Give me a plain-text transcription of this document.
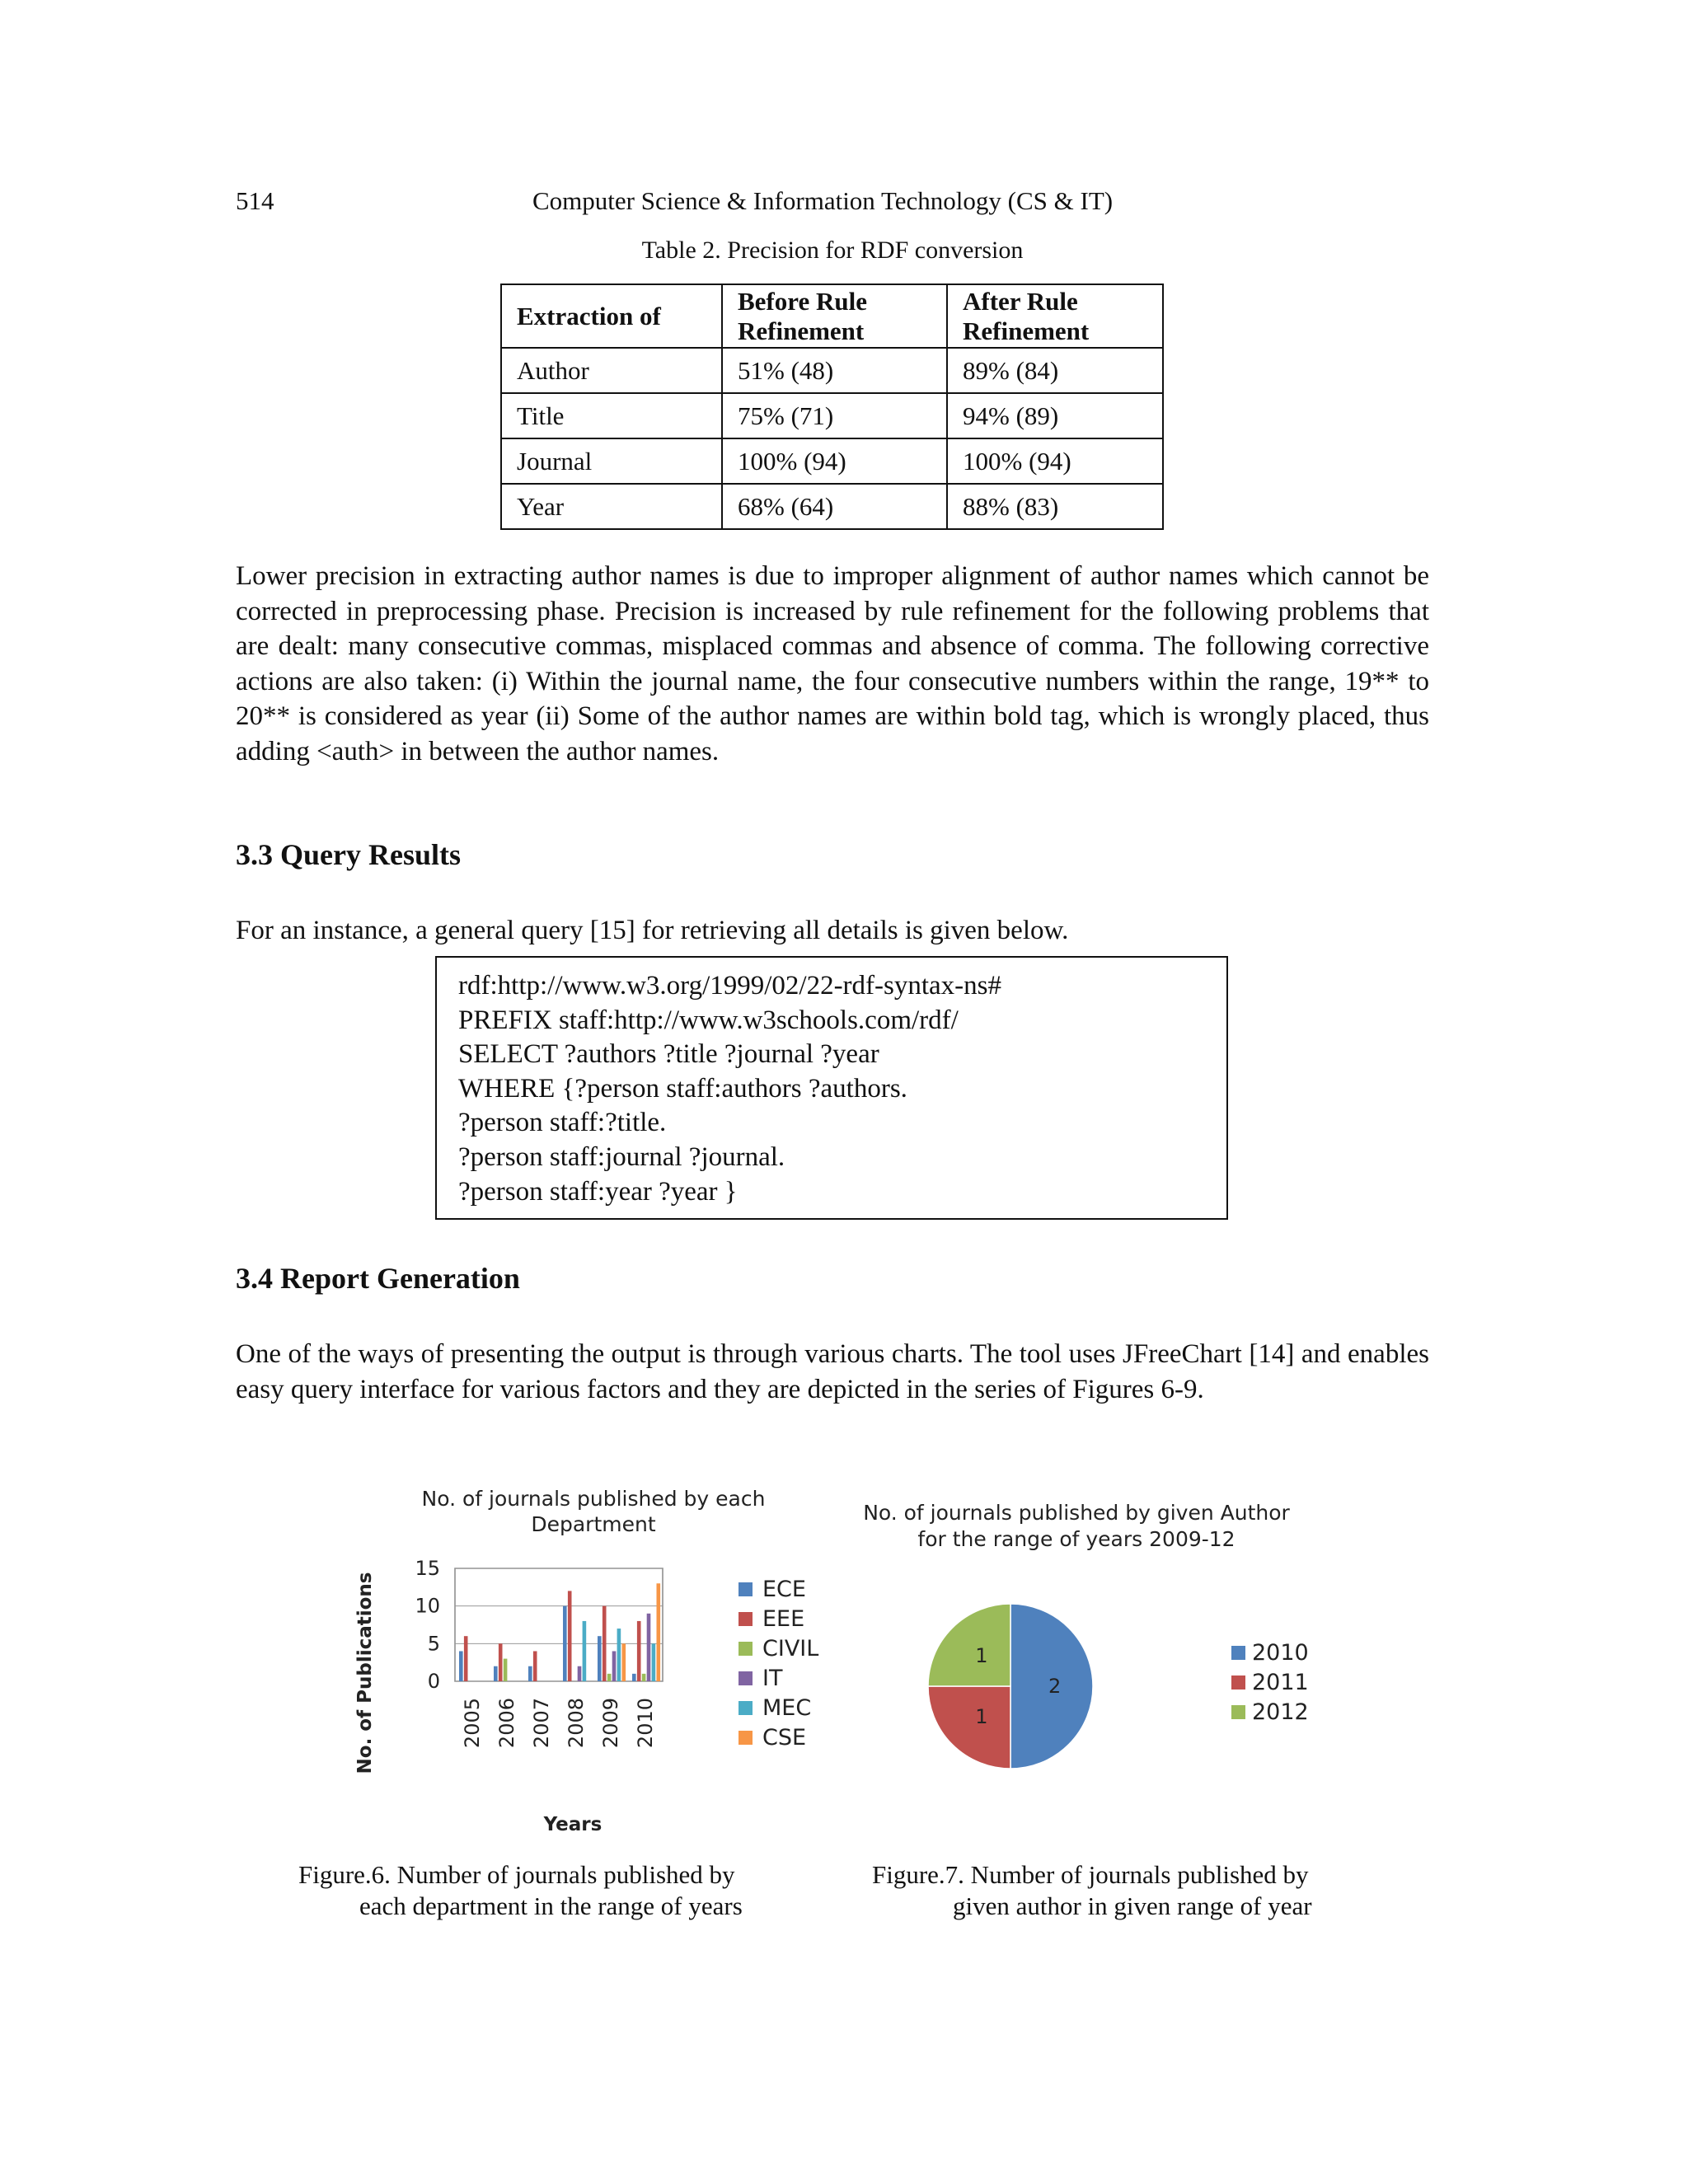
514	Computer Science & Information Technology (CS & IT)
Table 2. Precision for RDF conversion
Extraction of	Before Rule Refinement	After Rule Refinement
Author	51% (48)	89% (84)
Title	75% (71)	94% (89)
Journal	100% (94)	100% (94)
Year	68% (64)	88% (83)

Lower precision in extracting author names is due to improper alignment of author names which cannot be corrected in preprocessing phase. Precision is increased by rule refinement for the following problems that are dealt: many consecutive commas, misplaced commas and absence of comma. The following corrective actions are also taken: (i) Within the journal name, the four consecutive numbers within the range, 19** to 20** is considered as year (ii) Some of the author names are within bold tag, which is wrongly placed, thus adding <auth> in between the author names.

3.3 Query Results

For an instance, a general query [15] for retrieving all details is given below.

rdf:http://www.w3.org/1999/02/22-rdf-syntax-ns#
PREFIX staff:http://www.w3schools.com/rdf/
SELECT ?authors ?title ?journal ?year
WHERE {?person staff:authors ?authors.
?person staff:?title.
?person staff:journal ?journal.
?person staff:year ?year }
3.4 Report Generation

One of the ways of presenting the output is through various charts. The tool uses JFreeChart [14] and enables easy query interface for various factors and they are depicted in the series of Figures 6-9.

No. of journals published by each
Department
15
10
5
0
2005 2006 2007 2008 2009 2010
No. of Publications
Years
ECE
EEE
CIVIL
IT
MEC
CSE
No. of journals published by given Author
for the range of years 2009-12
2
1
1	2010
2011
2012
Figure.6. Number of journals published by
each department in the range of years
Figure.7. Number of journals published by
given author in given range of year
